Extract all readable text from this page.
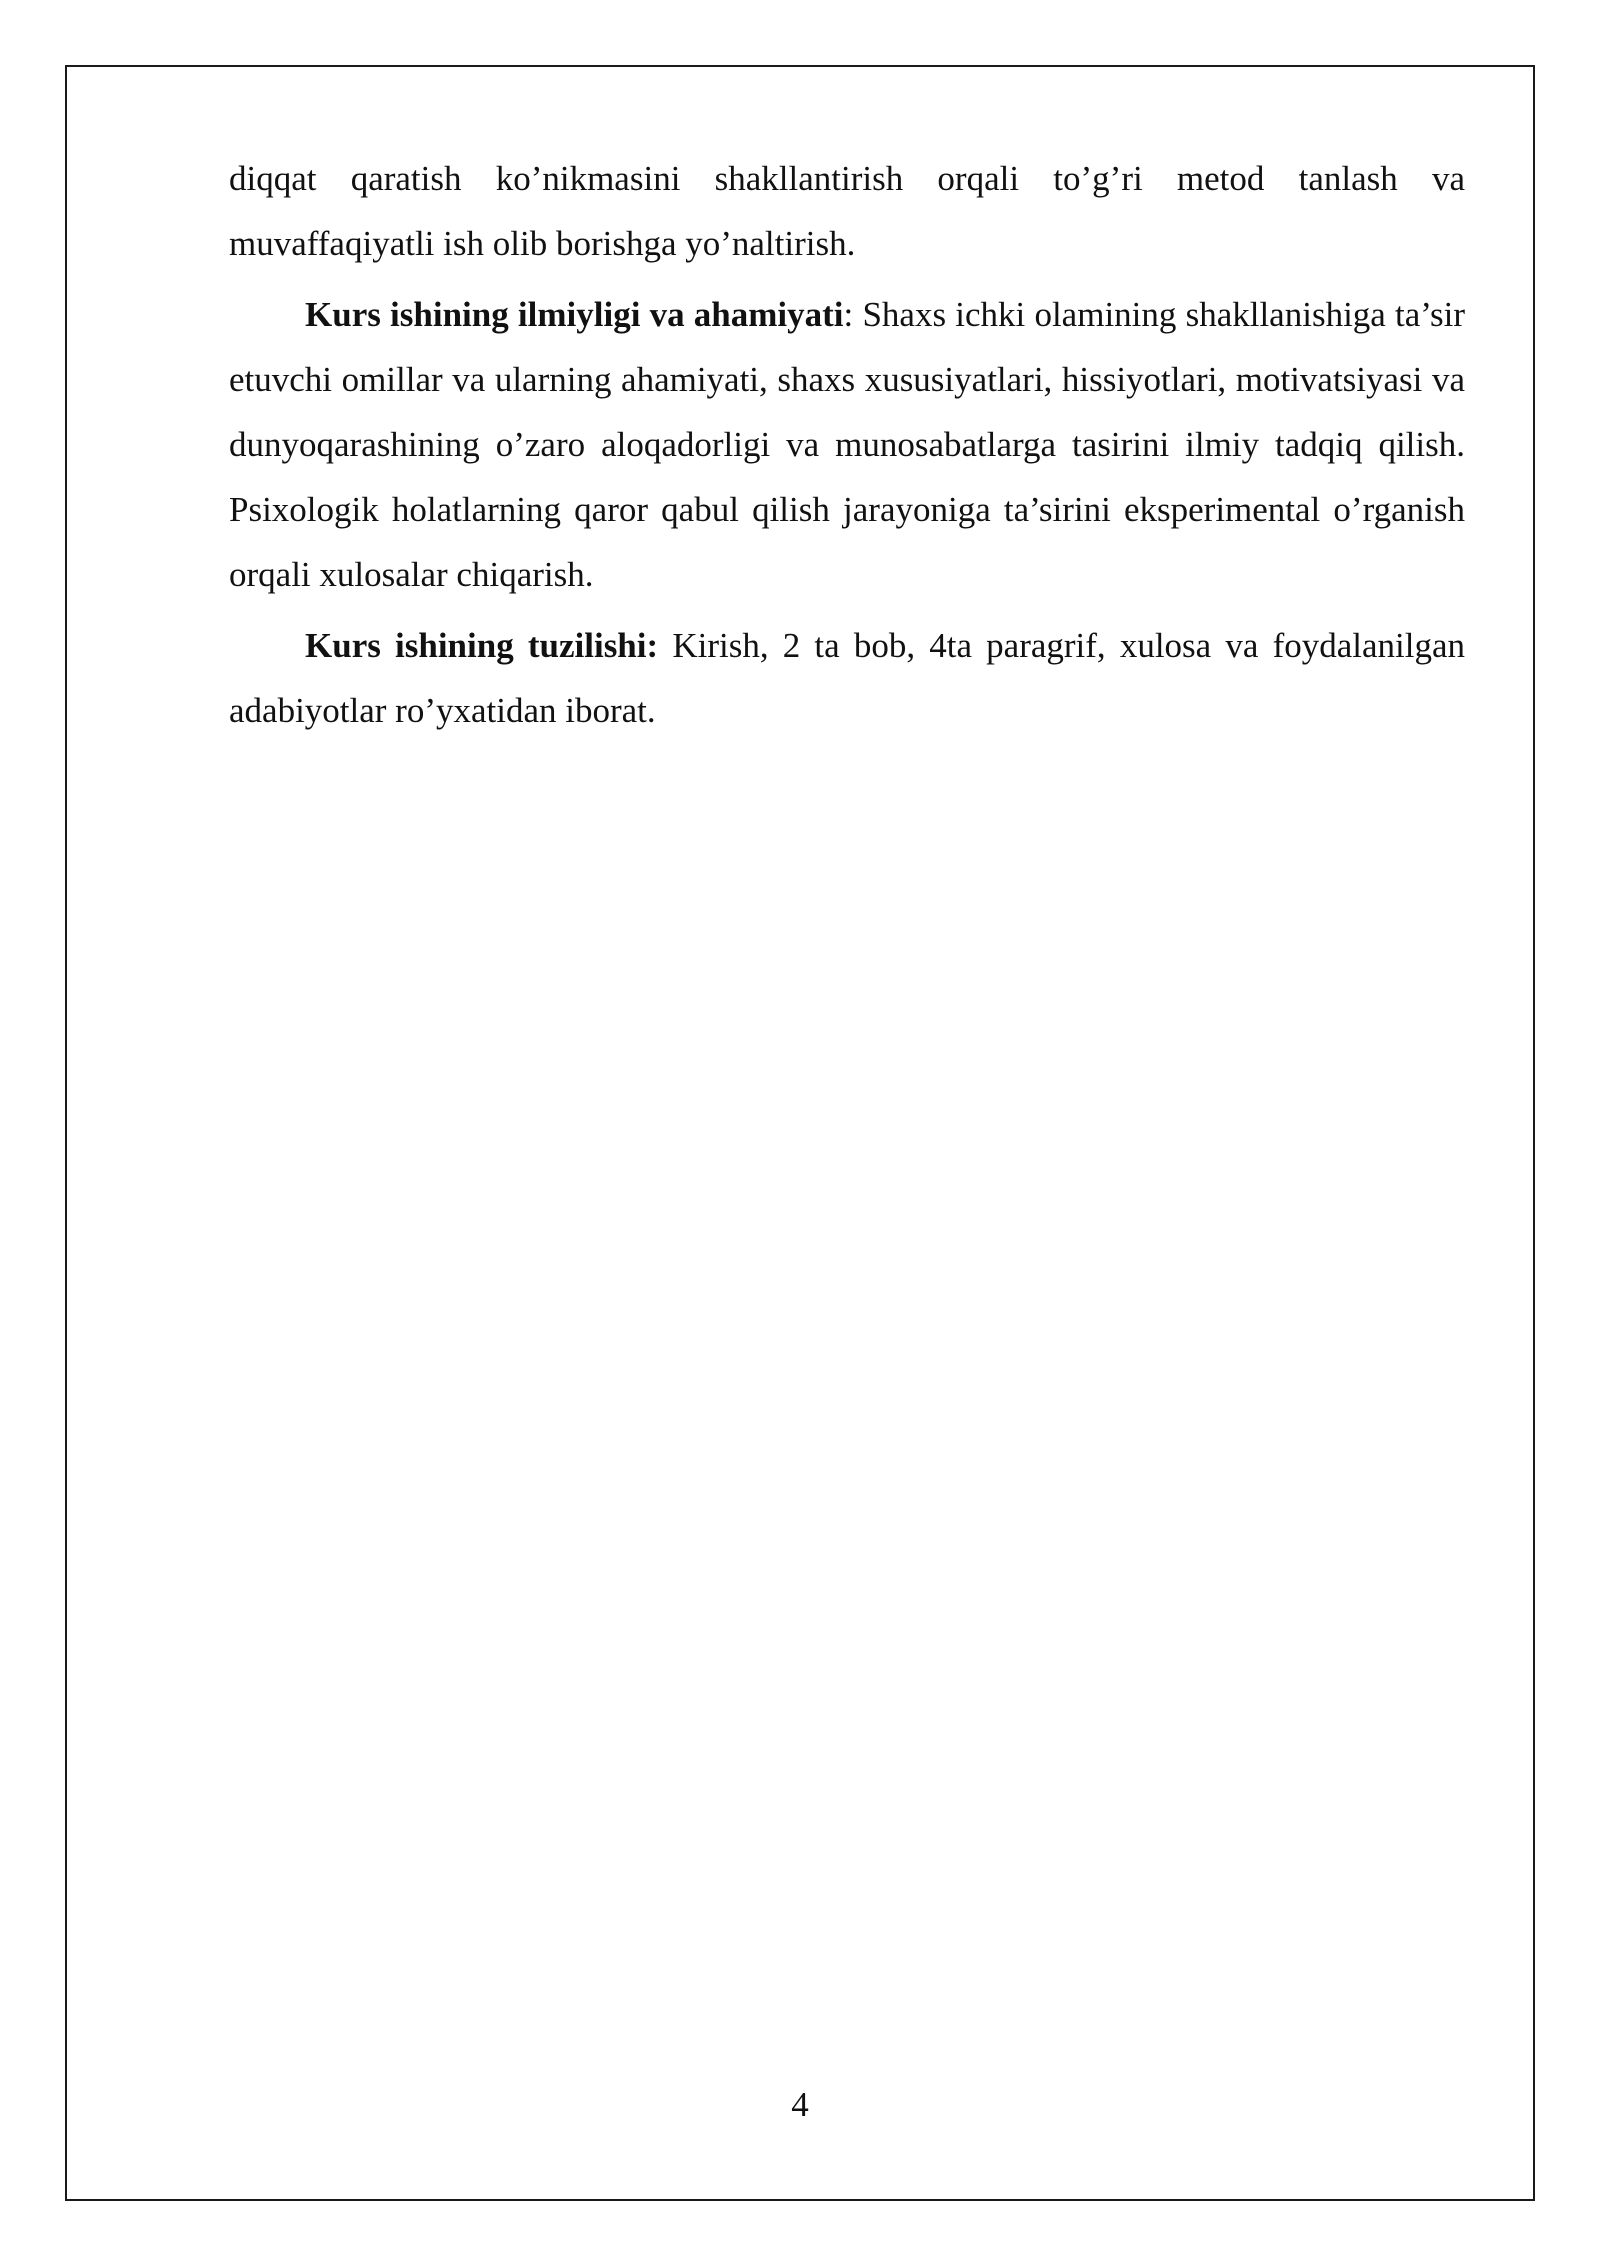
diqqat qaratish ko’nikmasini shakllantirish orqali to’g’ri metod tanlash va muvaffaqiyatli ish olib borishga yo’naltirish.

Kurs ishining ilmiyligi va ahamiyati: Shaxs ichki olamining shakllanishiga ta’sir etuvchi omillar va ularning ahamiyati, shaxs xususiyatlari, hissiyotlari, motivatsiyasi va dunyoqarashining o’zaro aloqadorligi va munosabatlarga tasirini ilmiy tadqiq qilish. Psixologik holatlarning qaror qabul qilish jarayoniga ta’sirini eksperimental o’rganish orqali xulosalar chiqarish.

Kurs ishining tuzilishi: Kirish, 2 ta bob, 4ta paragrif, xulosa va foydalanilgan adabiyotlar ro’yxatidan iborat.

4
